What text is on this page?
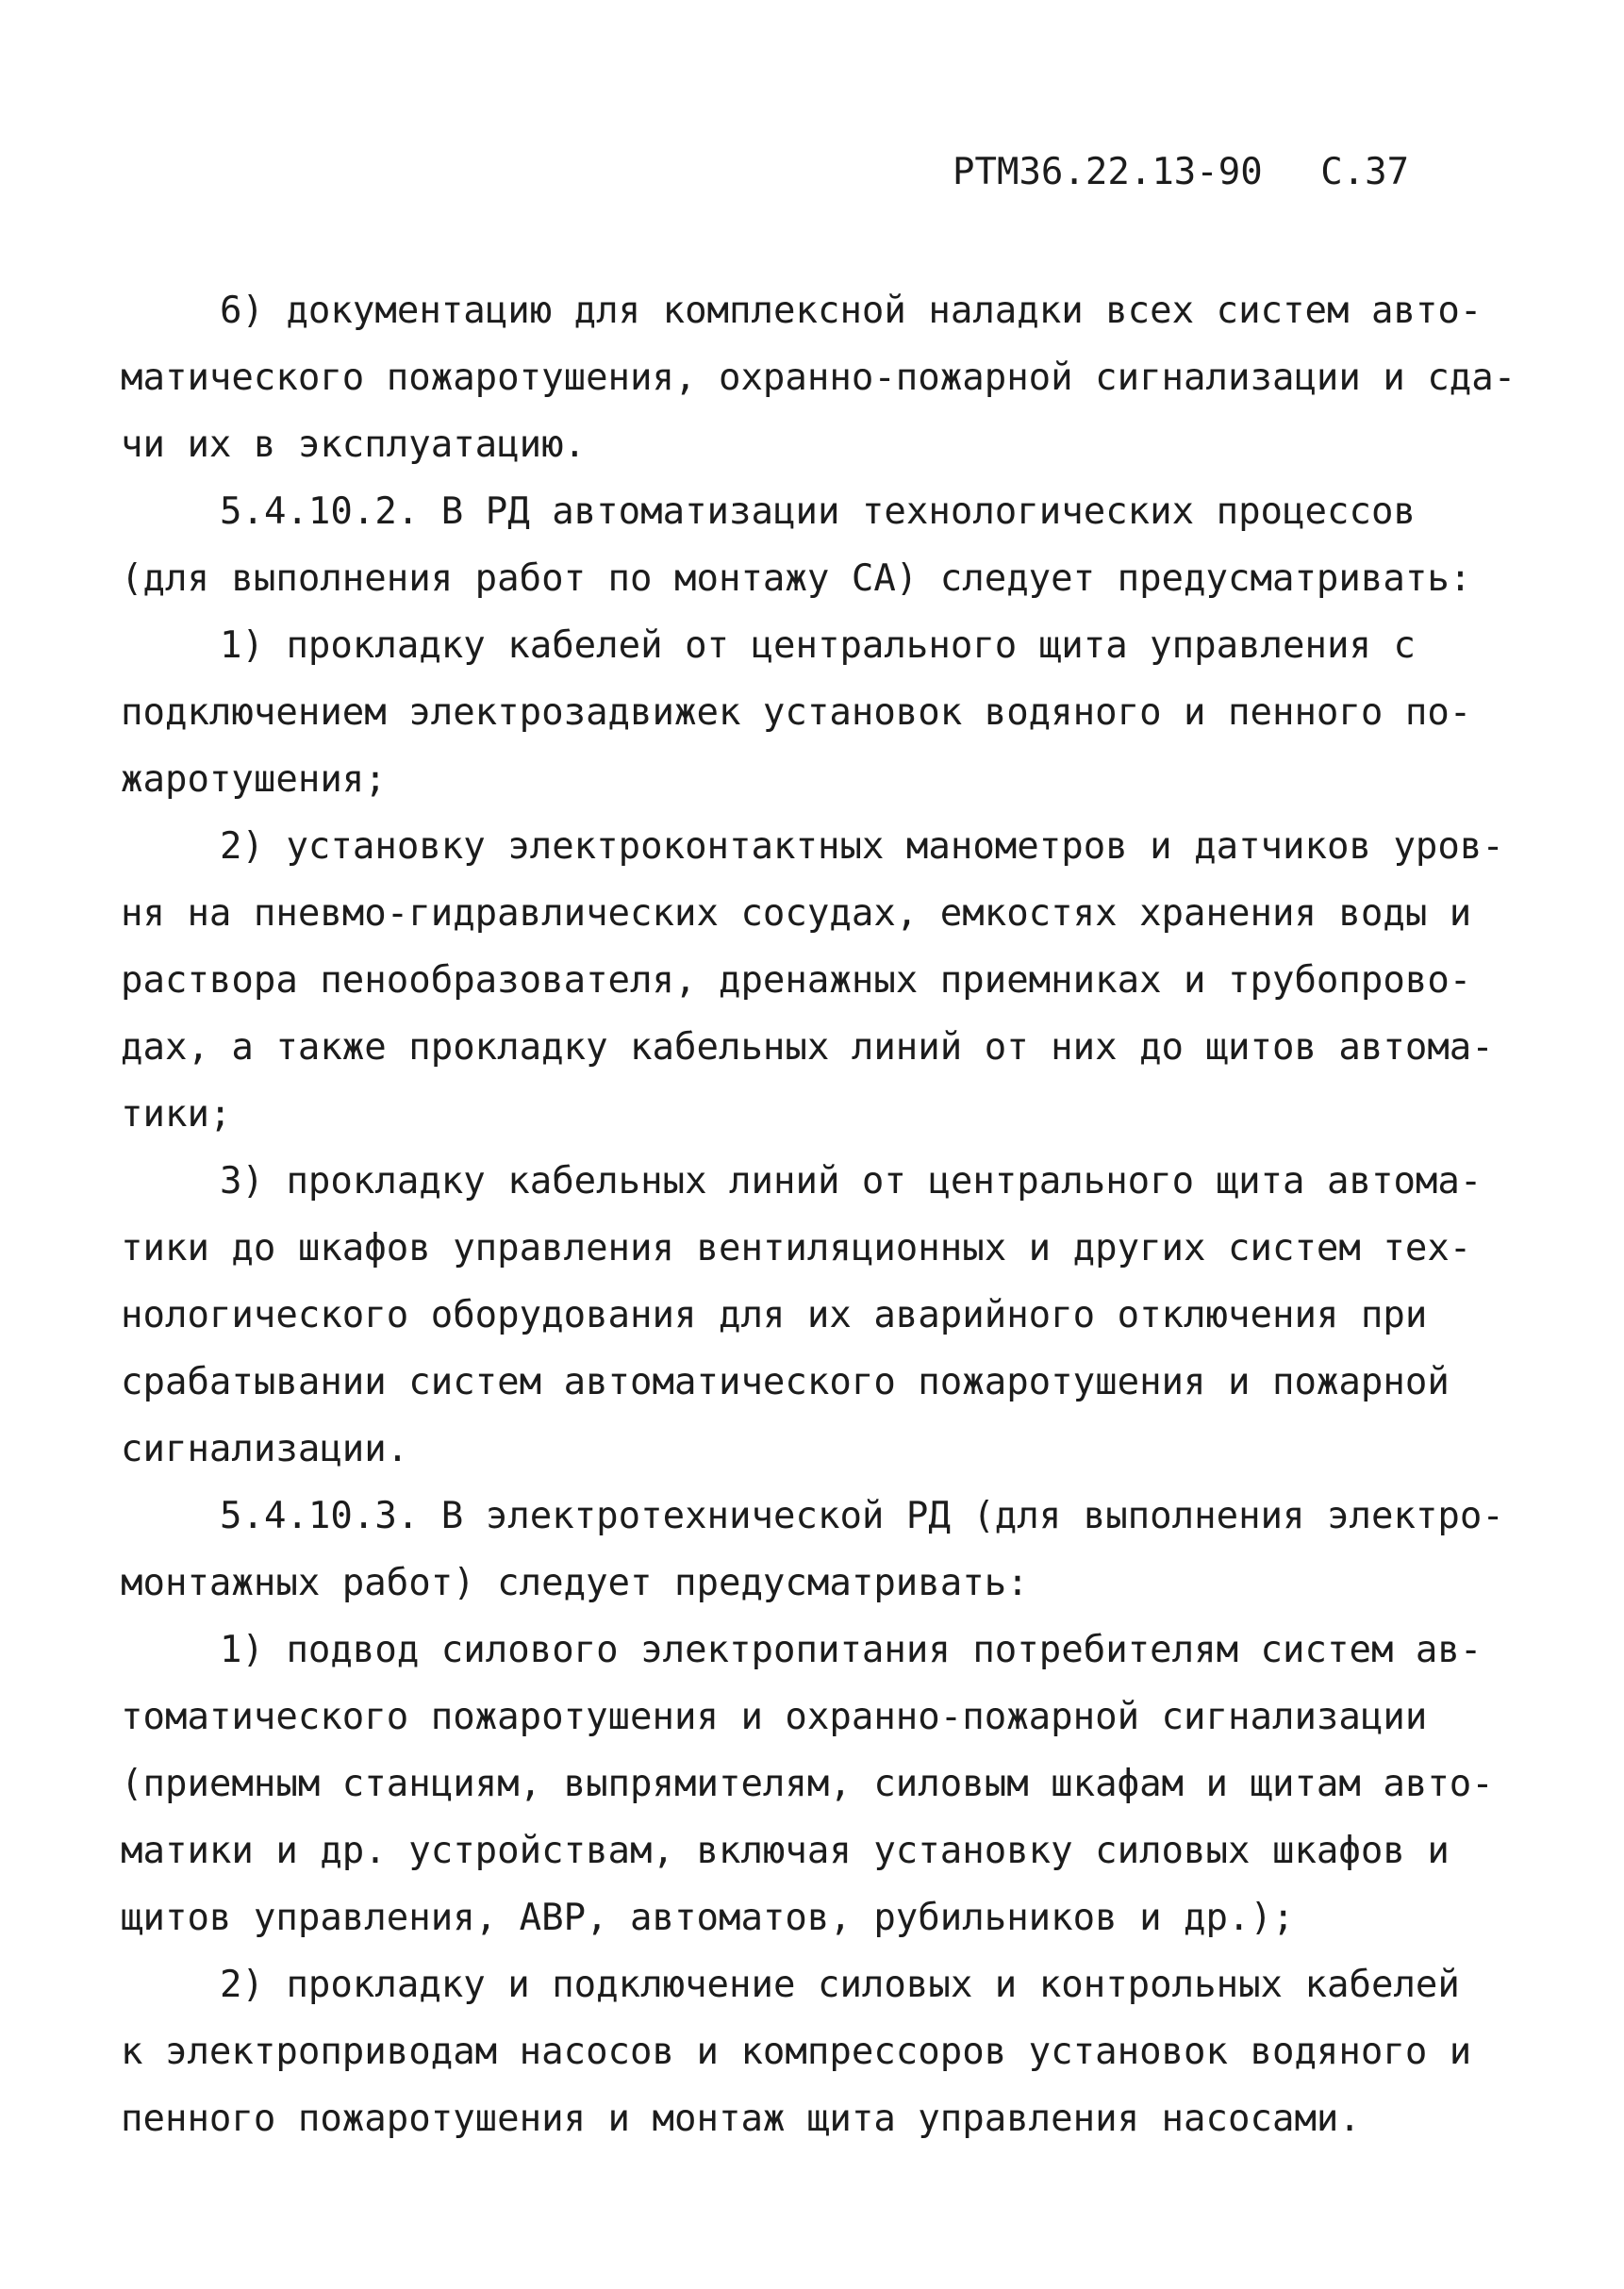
РТМ36.22.13-90 С.37
6) документацию для комплексной наладки всех систем авто-
матического пожаротушения, охранно-пожарной сигнализации и сда-
чи их в эксплуатацию.
5.4.10.2. В РД автоматизации технологических процессов
(для выполнения работ по монтажу СА) следует предусматривать:
1) прокладку кабелей от центрального щита управления с
подключением электрозадвижек установок водяного и пенного по-
жаротушения;
2) установку электроконтактных манометров и датчиков уров-
ня на пневмо-гидравлических сосудах, емкостях хранения воды и
раствора пенообразователя, дренажных приемниках и трубопрово-
дах, а также прокладку кабельных линий от них до щитов автома-
тики;
3) прокладку кабельных линий от центрального щита автома-
тики до шкафов управления вентиляционных и других систем тех-
нологического оборудования для их аварийного отключения при
срабатывании систем автоматического пожаротушения и пожарной
сигнализации.
5.4.10.3. В электротехнической РД (для выполнения электро-
монтажных работ) следует предусматривать:
1) подвод силового электропитания потребителям систем ав-
томатического пожаротушения и охранно-пожарной сигнализации
(приемным станциям, выпрямителям, силовым шкафам и щитам авто-
матики и др. устройствам, включая установку силовых шкафов и
щитов управления, АВР, автоматов, рубильников и др.);
2) прокладку и подключение силовых и контрольных кабелей
к электроприводам насосов и компрессоров установок водяного и
пенного пожаротушения и монтаж щита управления насосами.
